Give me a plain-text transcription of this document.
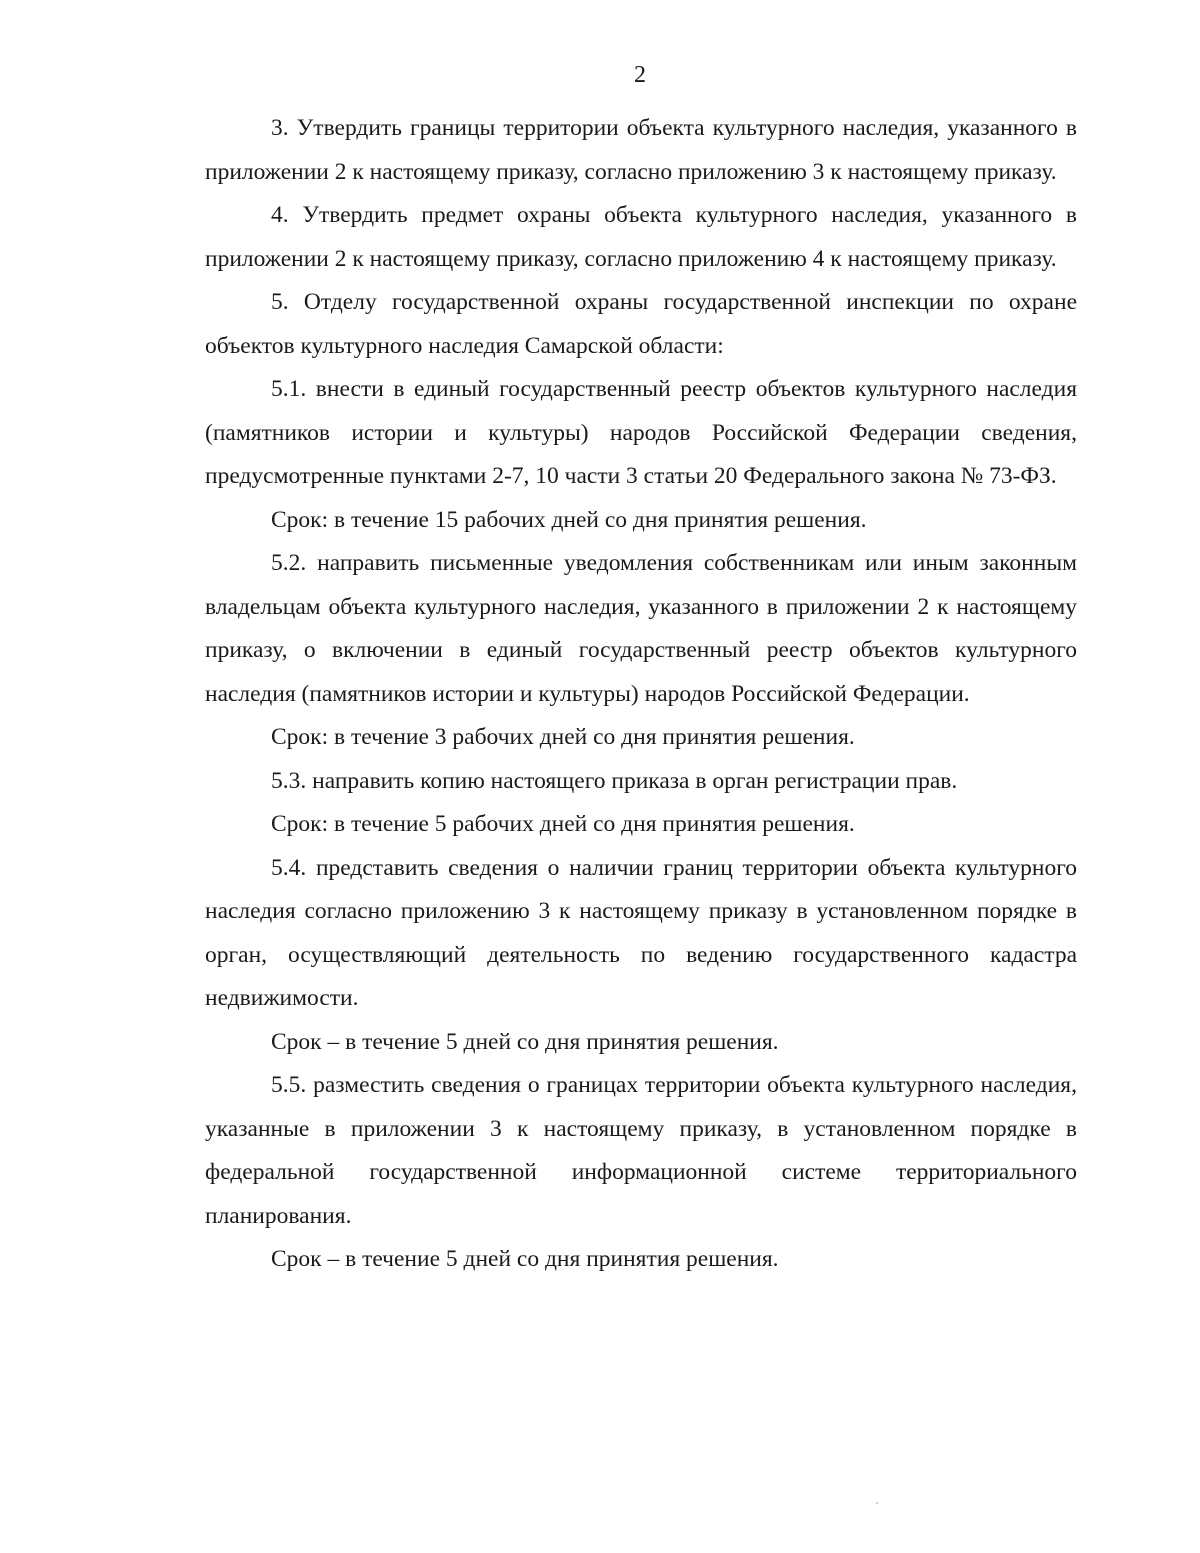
2

3. Утвердить границы территории объекта культурного наследия, указанного в приложении 2 к настоящему приказу, согласно приложению 3 к настоящему приказу.

4. Утвердить предмет охраны объекта культурного наследия, указанного в приложении 2 к настоящему приказу, согласно приложению 4 к настоящему приказу.

5. Отделу государственной охраны государственной инспекции по охране объектов культурного наследия Самарской области:

5.1. внести в единый государственный реестр объектов культурного наследия (памятников истории и культуры) народов Российской Федерации сведения, предусмотренные пунктами 2-7, 10 части 3 статьи 20 Федерального закона № 73-ФЗ.

Срок: в течение 15 рабочих дней со дня принятия решения.

5.2. направить письменные уведомления собственникам или иным законным владельцам объекта культурного наследия, указанного в приложении 2 к настоящему приказу, о включении в единый государственный реестр объектов культурного наследия (памятников истории и культуры) народов Российской Федерации.

Срок: в течение 3 рабочих дней со дня принятия решения.

5.3. направить копию настоящего приказа в орган регистрации прав.

Срок: в течение 5 рабочих дней со дня принятия решения.

5.4. представить сведения о наличии границ территории объекта культурного наследия согласно приложению 3 к настоящему приказу в установленном порядке в орган, осуществляющий деятельность по ведению государственного кадастра недвижимости.

Срок – в течение 5 дней со дня принятия решения.

5.5. разместить сведения о границах территории объекта культурного наследия, указанные в приложении 3 к настоящему приказу, в установленном порядке в федеральной государственной информационной системе территориального планирования.

Срок – в течение 5 дней со дня принятия решения.
